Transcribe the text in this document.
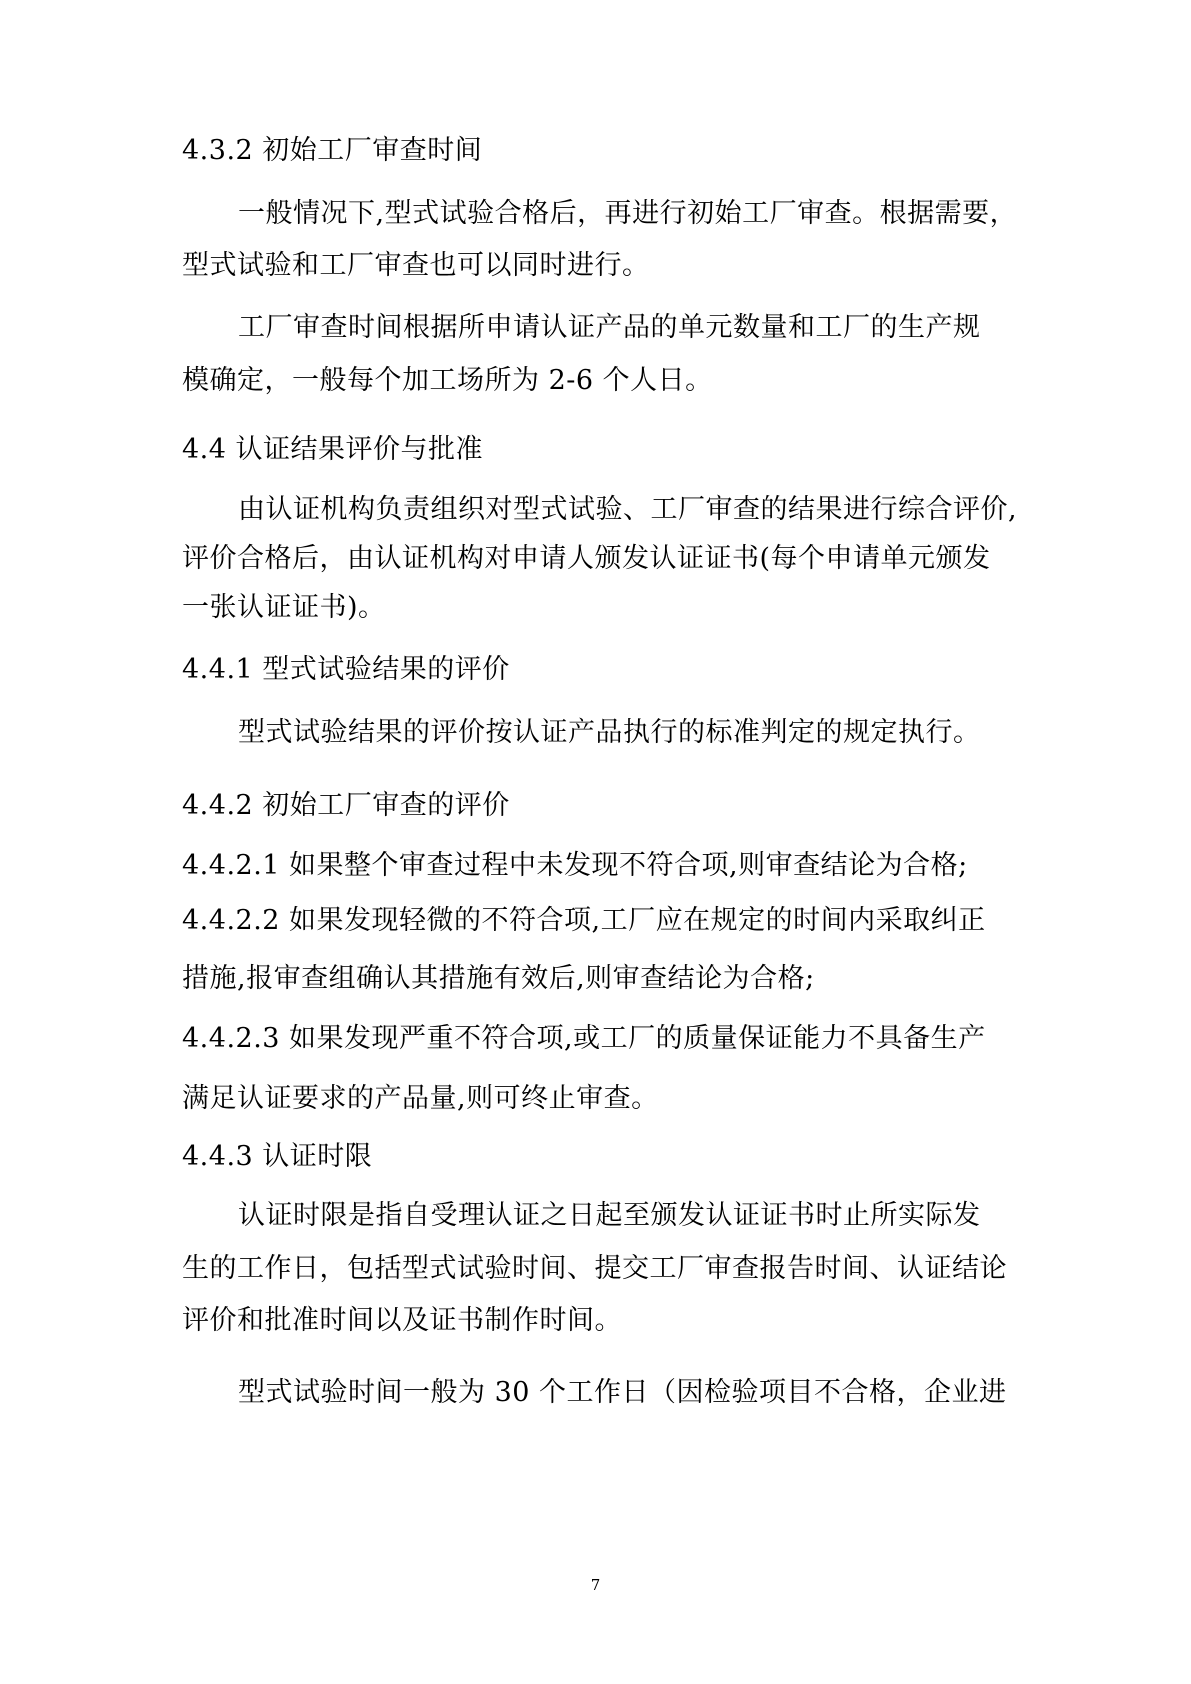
4.3.2 初始工厂审查时间
一般情况下,型式试验合格后，再进行初始工厂审查。根据需要，
型式试验和工厂审查也可以同时进行。
工厂审查时间根据所申请认证产品的单元数量和工厂的生产规
模确定，一般每个加工场所为 2-6 个人日。
4.4 认证结果评价与批准
由认证机构负责组织对型式试验、工厂审查的结果进行综合评价,
评价合格后，由认证机构对申请人颁发认证证书(每个申请单元颁发
一张认证证书)。
4.4.1 型式试验结果的评价
型式试验结果的评价按认证产品执行的标准判定的规定执行。
4.4.2 初始工厂审查的评价
4.4.2.1 如果整个审查过程中未发现不符合项,则审查结论为合格;
4.4.2.2 如果发现轻微的不符合项,工厂应在规定的时间内采取纠正
措施,报审查组确认其措施有效后,则审查结论为合格;
4.4.2.3 如果发现严重不符合项,或工厂的质量保证能力不具备生产
满足认证要求的产品量,则可终止审查。
4.4.3 认证时限
认证时限是指自受理认证之日起至颁发认证证书时止所实际发
生的工作日，包括型式试验时间、提交工厂审查报告时间、认证结论
评价和批准时间以及证书制作时间。
型式试验时间一般为 30 个工作日（因检验项目不合格，企业进
7
